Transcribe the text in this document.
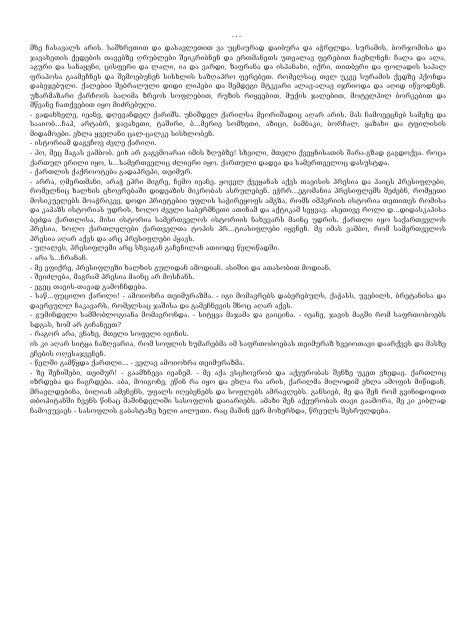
...

მხე ჩასავალს არის. საშხრეთით და დასავლეთით ვა უცნაურად დაიბურა და აჭრელდა. სურამის, ბორჯომისა და ჯავახეთის ქედების თავებზე ღრუბლები შეიკრიბნენ და ერთმანეთს უთვალავ ფერებით ჩაეხლნენ: ჩალა და ალა, აგური და სანაყენი, ცისფერი და ლალი, ია და ვარდი, ზაფრანა და ისპანახი, იქრი, თითბერი და ფოლადის საპალ ფრაპოსა გაამეჩნეს და შემოებუნენ სისხლის საზღაპრო ფერებეთ. რომელსაც თვლ უკვე სურამის ქედზე პქონდა დაბეჯებული. ქალებიი შებრალული დიდი ლიპები და შემდეგი მტკვარი ალავ-ალავ იჯრიოდა და აღიდ იწვოდნენ. უზარმაზარი ქარჩოის ბაღიმა ზრეოს სოფლებით, რუზის რიყეებით, მუქის ჯალებით, მოტელპილ ბორკებით და მწვანე ჩათქვებით იყო მიძრებული.

- გადახხელე, იეანე, დღევანდელ ქარიშს. უნიშდელ ქარილსა მეორიშადიც აღარ არის. მას ჩამოეეცნებ სამეხე და სააიობ...ჩაპ, არტაბრ, ჯავახეთი, ტაშირი, ბ...მერიე სომხეთი, აზიცი, ბამბაკი, ბორჩალ, ყაზახი და ტფილისის მიდამოები. ეხლა ყველანი ცალ-ცალკე სისხლობენ.

- ისტორიამ დაგვჩოვ ძვლე ქარიღი.

- ჰო, მეც მაგას ვამბობ. ეიხ არ გაგვმოარაი იმის ზღუბზე! სხვილი, მთელი ქვეყნისათის შარა-გზად გაგდოქეა. როცა ქართულ ერილი იყო, ს...სამერთველიც ძლიერი იყო. ქართული დადეა და სამერთველოც დასუსტდა.

- ქართლის ქაქროოტება გადაპრეპი, თეიმურ.

- არრა, ღმერთმანი, არაჭ ეპრი მიგრე, ჩემო იეანე. ყოველ ქვეყანას აქვს თავისის პრესია და პაიცს პრესიფლები, რომელნიც ხალხის ცხოვრებაში დიდეაზის მიკრობას ასრულებენ. ეჭრრ...ეგომანია პრესიფლემს შეძებნ, რომყეთი მოსიკუელებს მოაჭრიკევ, დოდი პრიეტებიი უფლის საჭირეყოფს ამგზა, რომს იმპერიის ისტორია თეთითეს რომისა და კაპაზს ისტორიას უდრის, ხოლო ძველი საბერმნეთი ათინამ და აქტიკამ სეყვავ. ასეთივე როლი დ...დიდასკაპისა ბეძდა ქართლისა, მისი ისტორია სამერთველოს ისტორიის ნახევარს მაინც უდრის. ქართლი იყო საქართველოს პრესია, ხოლო ქართლელები ქართველთა ტოპის პრ...ტიასიფლები იყვნენ. მე იმას ვამბო, რომ სამერთველოს პრესია აღარ აქვს და არც პრესიფლები ჰყავს.

- ულალეს, პრესიფლემი არც სხვაგან გაჩენილან ათიოდე წელიწადში.

- არა ს...ჩრანან.

- მე ვფიქრე, პრესიფლეზი ხალხის გულიდან ამოდიან. ასიშიი და ათასობით მოდიან.

- შეიძლება, მაგრამ პრესია მაინც არ მოსჩანს.

- ეგეც თავის-თავად გამოჩნდება.

- საწ...ფუცილო ქარილი! - ამოიოხრა თეიმურაზმა. - იგი მომავრებს დაბერებულს, ქაჭასს, უვებილს, ბრეტანისა და დაერეულლ ჩაკავარს, რომელსაც ჯაშისა და გამეჩნევის შნოც აღარ აქვს.

- გუმინდელი სამშობლოგიანა მომავრონდა. - სიტყვა მაჯამა და გაიცინა. - იეანე, ჯავის მაგში რომ საფრთობოებს სდგას, ხომ არ გიჩანვეთ?

- რაგორ არა, ვნახე, მთელი სოფელი ივინის.

ის კი აღარ სიტყა ნაზღვარია, რომ სოფლის ხუმარებმა იმ საფრთობოებას თეიმურაზ ხვეიოთავი დაარქვეს და მასზე ეჩების ოღესაჯვენენ.

- წელში გამწყდა ქართლი... - ველავ ამოიოხრა თეიმურაზმა.

- ზე შენიშები, თეიმურ! - გაამხნევა იეანემ. - მე აქა ვსცხოვრობ და აქეურობას შენზე უკეთ ვხედავ. ქართლიც იზრდება და ჩაგრდება. აბა, მოიგონე, ეწინ რა იყო და ეხლა რა არის, ქარილმა მილოდიმ ეხლა ამოფის მიწიდან, მრავლდებინა, ბილიან ამენენს, უფალს იღებენებს და სოფლებს ამრავლებს. განსიებ, მე და შენ რომ გვინიდოდით თბოპიტანში ჩვენს წინაც მაშინდელიში სასოფლის დაიარიებს. ამაზი შენ აქეურობას თავი გაამორა, მე კი კიბლად ჩამოვუვაეს - სასოფლის გაბასტაზე ხელი აილუთი. რაც მაშინ ვერ მოხერხდა, წრეულს შესრულდება.
